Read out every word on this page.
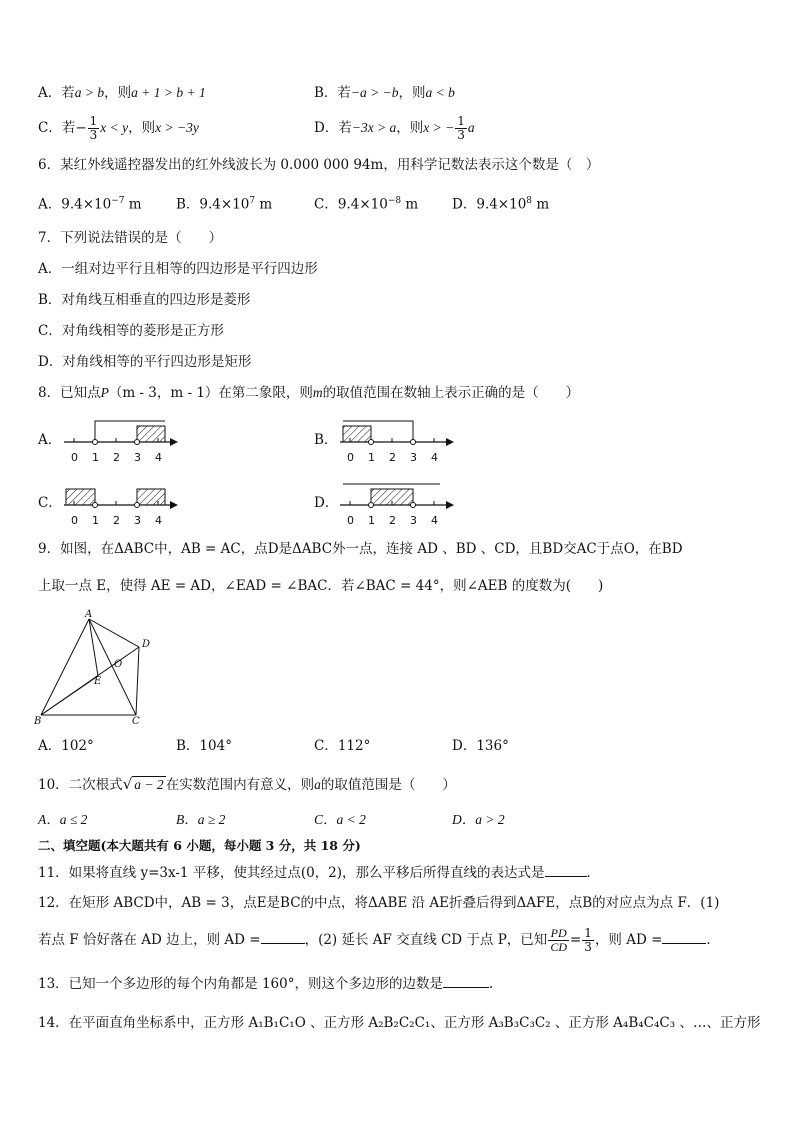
A．若a > b，则a + 1 > b + 1	B．若−a > −b，则a < b
C．若− $\frac{1}{3}$ x < y，则x > −3y	D．若−3x > a，则x > − $\frac{1}{3}$ a
6．某红外线遥控器发出的红外线波长为 0.000 000 94m，用科学记数法表示这个数是（　）
A．$9.4\times 10^{-7}$ m	B．$9.4\times 10^7$ m	C．$9.4\times 10^{-8}$ m	D．$9.4\times 10^8$ m
7．下列说法错误的是（　　）
A．一组对边平行且相等的四边形是平行四边形
B．对角线互相垂直的四边形是菱形
C．对角线相等的菱形是正方形
D．对角线相等的平行四边形是矩形
8．已知点P（m - 3，m - 1）在第二象限，则m的取值范围在数轴上表示正确的是（　　）
A．	B．
C．	D．
0 1 2 3 4	0 1 2 3 4
0 1 2 3 4	0 1 2 3 4
A
D
O
E
B	C
9．如图，在ΔABC中，AB = AC，点D是ΔABC外一点，连接 AD 、BD 、CD，且BD交AC于点O，在BD
上取一点 E，使得 AE = AD，∠EAD = ∠BAC．若∠BAC = 44°，则∠AEB 的度数为(　　)
A．102°	B．104°	C．112°	D．136°
10．二次根式√ a − 2 在实数范围内有意义，则a的取值范围是（　　）
A．a ≤ 2	B．a ≥ 2	C．a < 2	D．a > 2
二、填空题(本大题共有 6 小题，每小题 3 分，共 18 分)
11．如果将直线 y=3x-1 平移，使其经过点(0，2)，那么平移后所得直线的表达式是	．
12．在矩形 ABCD中，AB = 3，点E是BC的中点，将ΔABE 沿 AE折叠后得到ΔAFE，点B的对应点为点 F．(1)
若点 F 恰好落在 AD 边上，则 AD =	，(2) 延长 AF 交直线 CD 于点 P，已知 $\frac{PD}{CD} = \frac{1}{3}$ ，则 AD =	．
13．已知一个多边形的每个内角都是 160°，则这个多边形的边数是	.
14．在平面直角坐标系中，正方形 A₁B₁C₁O 、正方形 A₂B₂C₂C₁、正方形 A₃B₃C₃C₂ 、正方形 A₄B₄C₄C₃ 、…、正方形
